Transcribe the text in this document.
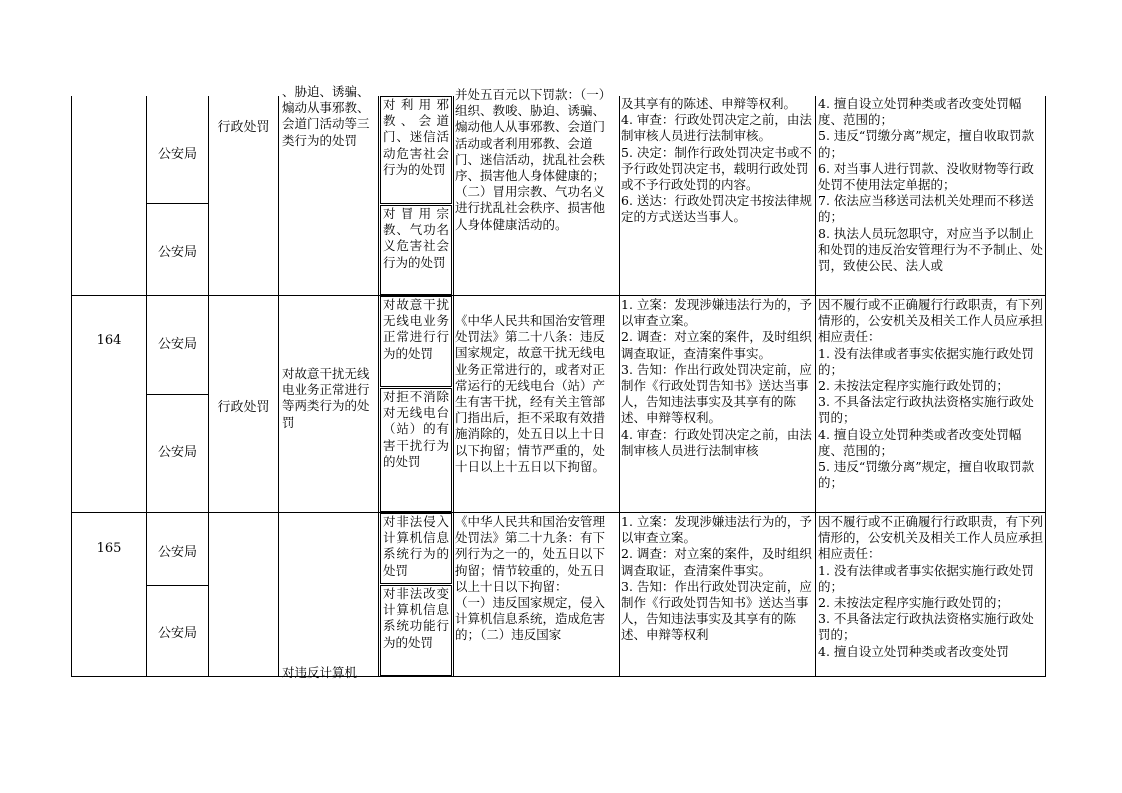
公安局
公安局
行政处罚

、胁迫、诱骗、煽动从事邪教、会道门活动等三类行为的处罚

对利用邪教、会道门、迷信活动危害社会行为的处罚

对冒用宗教、气功名义危害社会行为的处罚

并处五百元以下罚款：（一）组织、教唆、胁迫、诱骗、煽动他人从事邪教、会道门活动或者利用邪教、会道门、迷信活动，扰乱社会秩序、损害他人身体健康的；（二）冒用宗教、气功名义进行扰乱社会秩序、损害他人身体健康活动的。

及其享有的陈述、申辩等权利。
4. 审查：行政处罚决定之前，由法制审核人员进行法制审核。
5. 决定：制作行政处罚决定书或不予行政处罚决定书，载明行政处罚或不予行政处罚的内容。
6. 送达：行政处罚决定书按法律规定的方式送达当事人。

4. 擅自设立处罚种类或者改变处罚幅度、范围的；
5. 违反“罚缴分离”规定，擅自收取罚款的；
6. 对当事人进行罚款、没收财物等行政处罚不使用法定单据的；
7. 依法应当移送司法机关处理而不移送的；
8. 执法人员玩忽职守，对应当予以制止和处罚的违反治安管理行为不予制止、处罚，致使公民、法人或

164	公安局
公安局
行政处罚

对故意干扰无线电业务正常进行等两类行为的处罚

对故意干扰无线电业务正常进行行为的处罚

对拒不消除对无线电台（站）的有害干扰行为的处罚

《中华人民共和国治安管理处罚法》第二十八条：违反国家规定，故意干扰无线电业务正常进行的，或者对正常运行的无线电台（站）产生有害干扰，经有关主管部门指出后，拒不采取有效措施消除的，处五日以上十日以下拘留；情节严重的，处十日以上十五日以下拘留。

1. 立案：发现涉嫌违法行为的，予以审查立案。
2. 调查：对立案的案件，及时组织调查取证，查清案件事实。
3. 告知：作出行政处罚决定前，应制作《行政处罚告知书》送达当事人，告知违法事实及其享有的陈述、申辩等权利。
4. 审查：行政处罚决定之前，由法制审核人员进行法制审核

因不履行或不正确履行行政职责，有下列情形的，公安机关及相关工作人员应承担相应责任：
1. 没有法律或者事实依据实施行政处罚的；
2. 未按法定程序实施行政处罚的；
3. 不具备法定行政执法资格实施行政处罚的；
4. 擅自设立处罚种类或者改变处罚幅度、范围的；
5. 违反“罚缴分离”规定，擅自收取罚款的；

165	公安局
公安局

对违反计算机

对非法侵入计算机信息系统行为的处罚

对非法改变计算机信息系统功能行为的处罚

《中华人民共和国治安管理处罚法》第二十九条：有下列行为之一的，处五日以下拘留；情节较重的，处五日以上十日以下拘留：
（一）违反国家规定，侵入计算机信息系统，造成危害的；（二）违反国家

1. 立案：发现涉嫌违法行为的，予以审查立案。
2. 调查：对立案的案件，及时组织调查取证，查清案件事实。
3. 告知：作出行政处罚决定前，应制作《行政处罚告知书》送达当事人，告知违法事实及其享有的陈述、申辩等权利

因不履行或不正确履行行政职责，有下列情形的，公安机关及相关工作人员应承担相应责任：
1. 没有法律或者事实依据实施行政处罚的；
2. 未按法定程序实施行政处罚的；
3. 不具备法定行政执法资格实施行政处罚的；
4. 擅自设立处罚种类或者改变处罚
